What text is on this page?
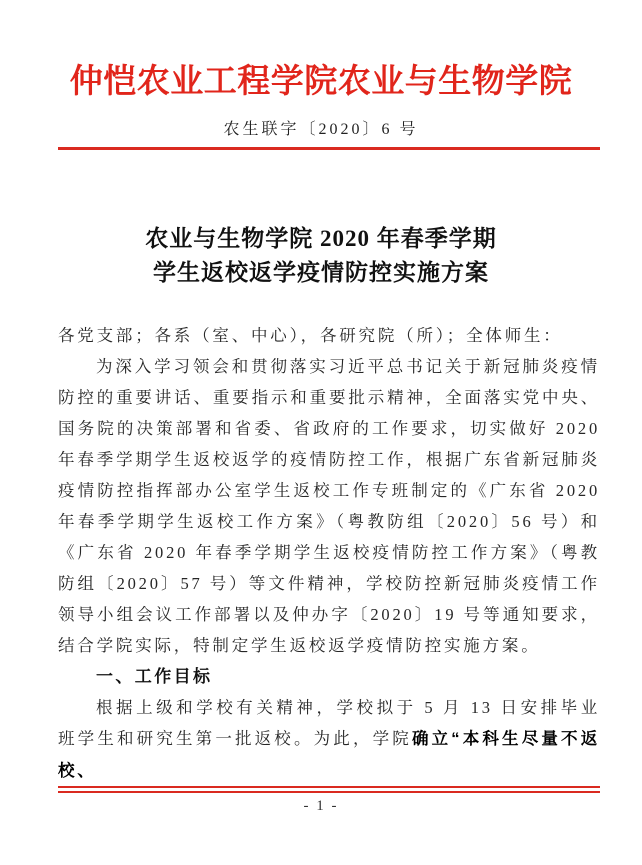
仲恺农业工程学院农业与生物学院
农生联字〔2020〕6 号
农业与生物学院 2020 年春季学期
学生返校返学疫情防控实施方案

各党支部；各系（室、中心），各研究院（所）；全体师生：

为深入学习领会和贯彻落实习近平总书记关于新冠肺炎疫情防控的重要讲话、重要指示和重要批示精神，全面落实党中央、国务院的决策部署和省委、省政府的工作要求，切实做好 2020 年春季学期学生返校返学的疫情防控工作，根据广东省新冠肺炎疫情防控指挥部办公室学生返校工作专班制定的《广东省 2020 年春季学期学生返校工作方案》（粤教防组〔2020〕56 号）和《广东省 2020 年春季学期学生返校疫情防控工作方案》（粤教防组〔2020〕57 号）等文件精神，学校防控新冠肺炎疫情工作领导小组会议工作部署以及仲办字〔2020〕19 号等通知要求，结合学院实际，特制定学生返校返学疫情防控实施方案。

一、工作目标

根据上级和学校有关精神，学校拟于 5 月 13 日安排毕业班学生和研究生第一批返校。为此，学院确立“本科生尽量不返校、

- 1 -
